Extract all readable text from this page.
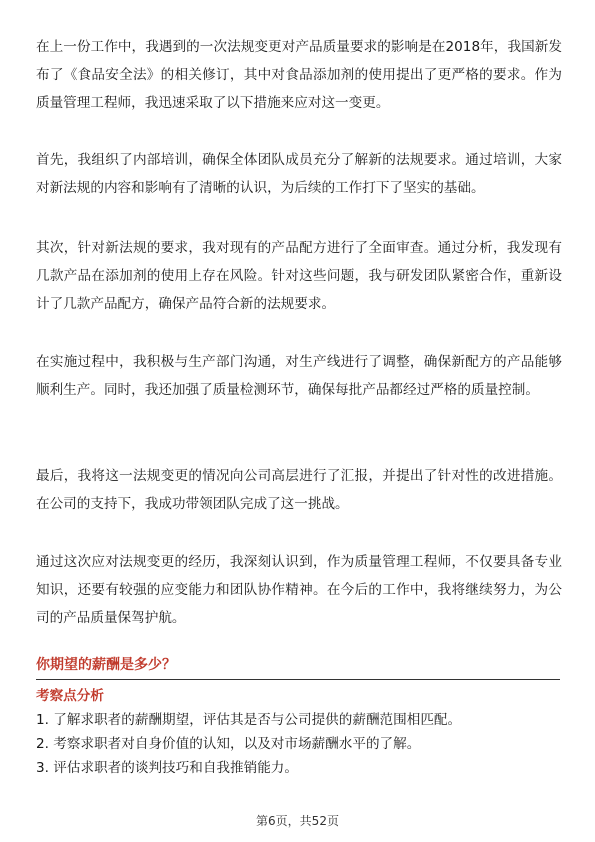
在上一份工作中，我遇到的一次法规变更对产品质量要求的影响是在2018年，我国新发布了《食品安全法》的相关修订，其中对食品添加剂的使用提出了更严格的要求。作为质量管理工程师，我迅速采取了以下措施来应对这一变更。

首先，我组织了内部培训，确保全体团队成员充分了解新的法规要求。通过培训，大家对新法规的内容和影响有了清晰的认识，为后续的工作打下了坚实的基础。

其次，针对新法规的要求，我对现有的产品配方进行了全面审查。通过分析，我发现有几款产品在添加剂的使用上存在风险。针对这些问题，我与研发团队紧密合作，重新设计了几款产品配方，确保产品符合新的法规要求。

在实施过程中，我积极与生产部门沟通，对生产线进行了调整，确保新配方的产品能够顺利生产。同时，我还加强了质量检测环节，确保每批产品都经过严格的质量控制。

最后，我将这一法规变更的情况向公司高层进行了汇报，并提出了针对性的改进措施。在公司的支持下，我成功带领团队完成了这一挑战。

通过这次应对法规变更的经历，我深刻认识到，作为质量管理工程师，不仅要具备专业知识，还要有较强的应变能力和团队协作精神。在今后的工作中，我将继续努力，为公司的产品质量保驾护航。

你期望的薪酬是多少？
考察点分析
1. 了解求职者的薪酬期望，评估其是否与公司提供的薪酬范围相匹配。
2. 考察求职者对自身价值的认知，以及对市场薪酬水平的了解。
3. 评估求职者的谈判技巧和自我推销能力。
第6页，共52页
